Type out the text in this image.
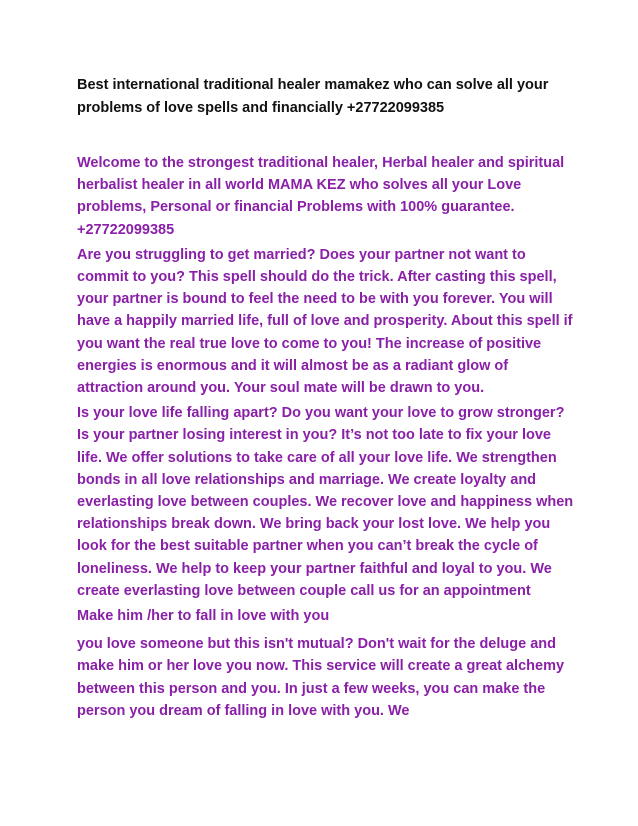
Best international traditional healer mamakez who can solve all your problems of love spells and financially +27722099385

Welcome to the strongest traditional healer, Herbal healer and spiritual herbalist healer in all world MAMA KEZ who solves all your Love problems, Personal or financial Problems with 100% guarantee. +27722099385

Are you struggling to get married? Does your partner not want to commit to you? This spell should do the trick. After casting this spell, your partner is bound to feel the need to be with you forever. You will have a happily married life, full of love and prosperity. About this spell if you want the real true love to come to you! The increase of positive energies is enormous and it will almost be as a radiant glow of attraction around you. Your soul mate will be drawn to you.

Is your love life falling apart? Do you want your love to grow stronger? Is your partner losing interest in you? It’s not too late to fix your love life. We offer solutions to take care of all your love life. We strengthen bonds in all love relationships and marriage. We create loyalty and everlasting love between couples. We recover love and happiness when relationships break down. We bring back your lost love. We help you look for the best suitable partner when you can’t break the cycle of loneliness. We help to keep your partner faithful and loyal to you. We create everlasting love between couple call us for an appointment

Make him /her to fall in love with you

you love someone but this isn't mutual? Don't wait for the deluge and make him or her love you now. This service will create a great alchemy between this person and you. In just a few weeks, you can make the person you dream of falling in love with you. We
